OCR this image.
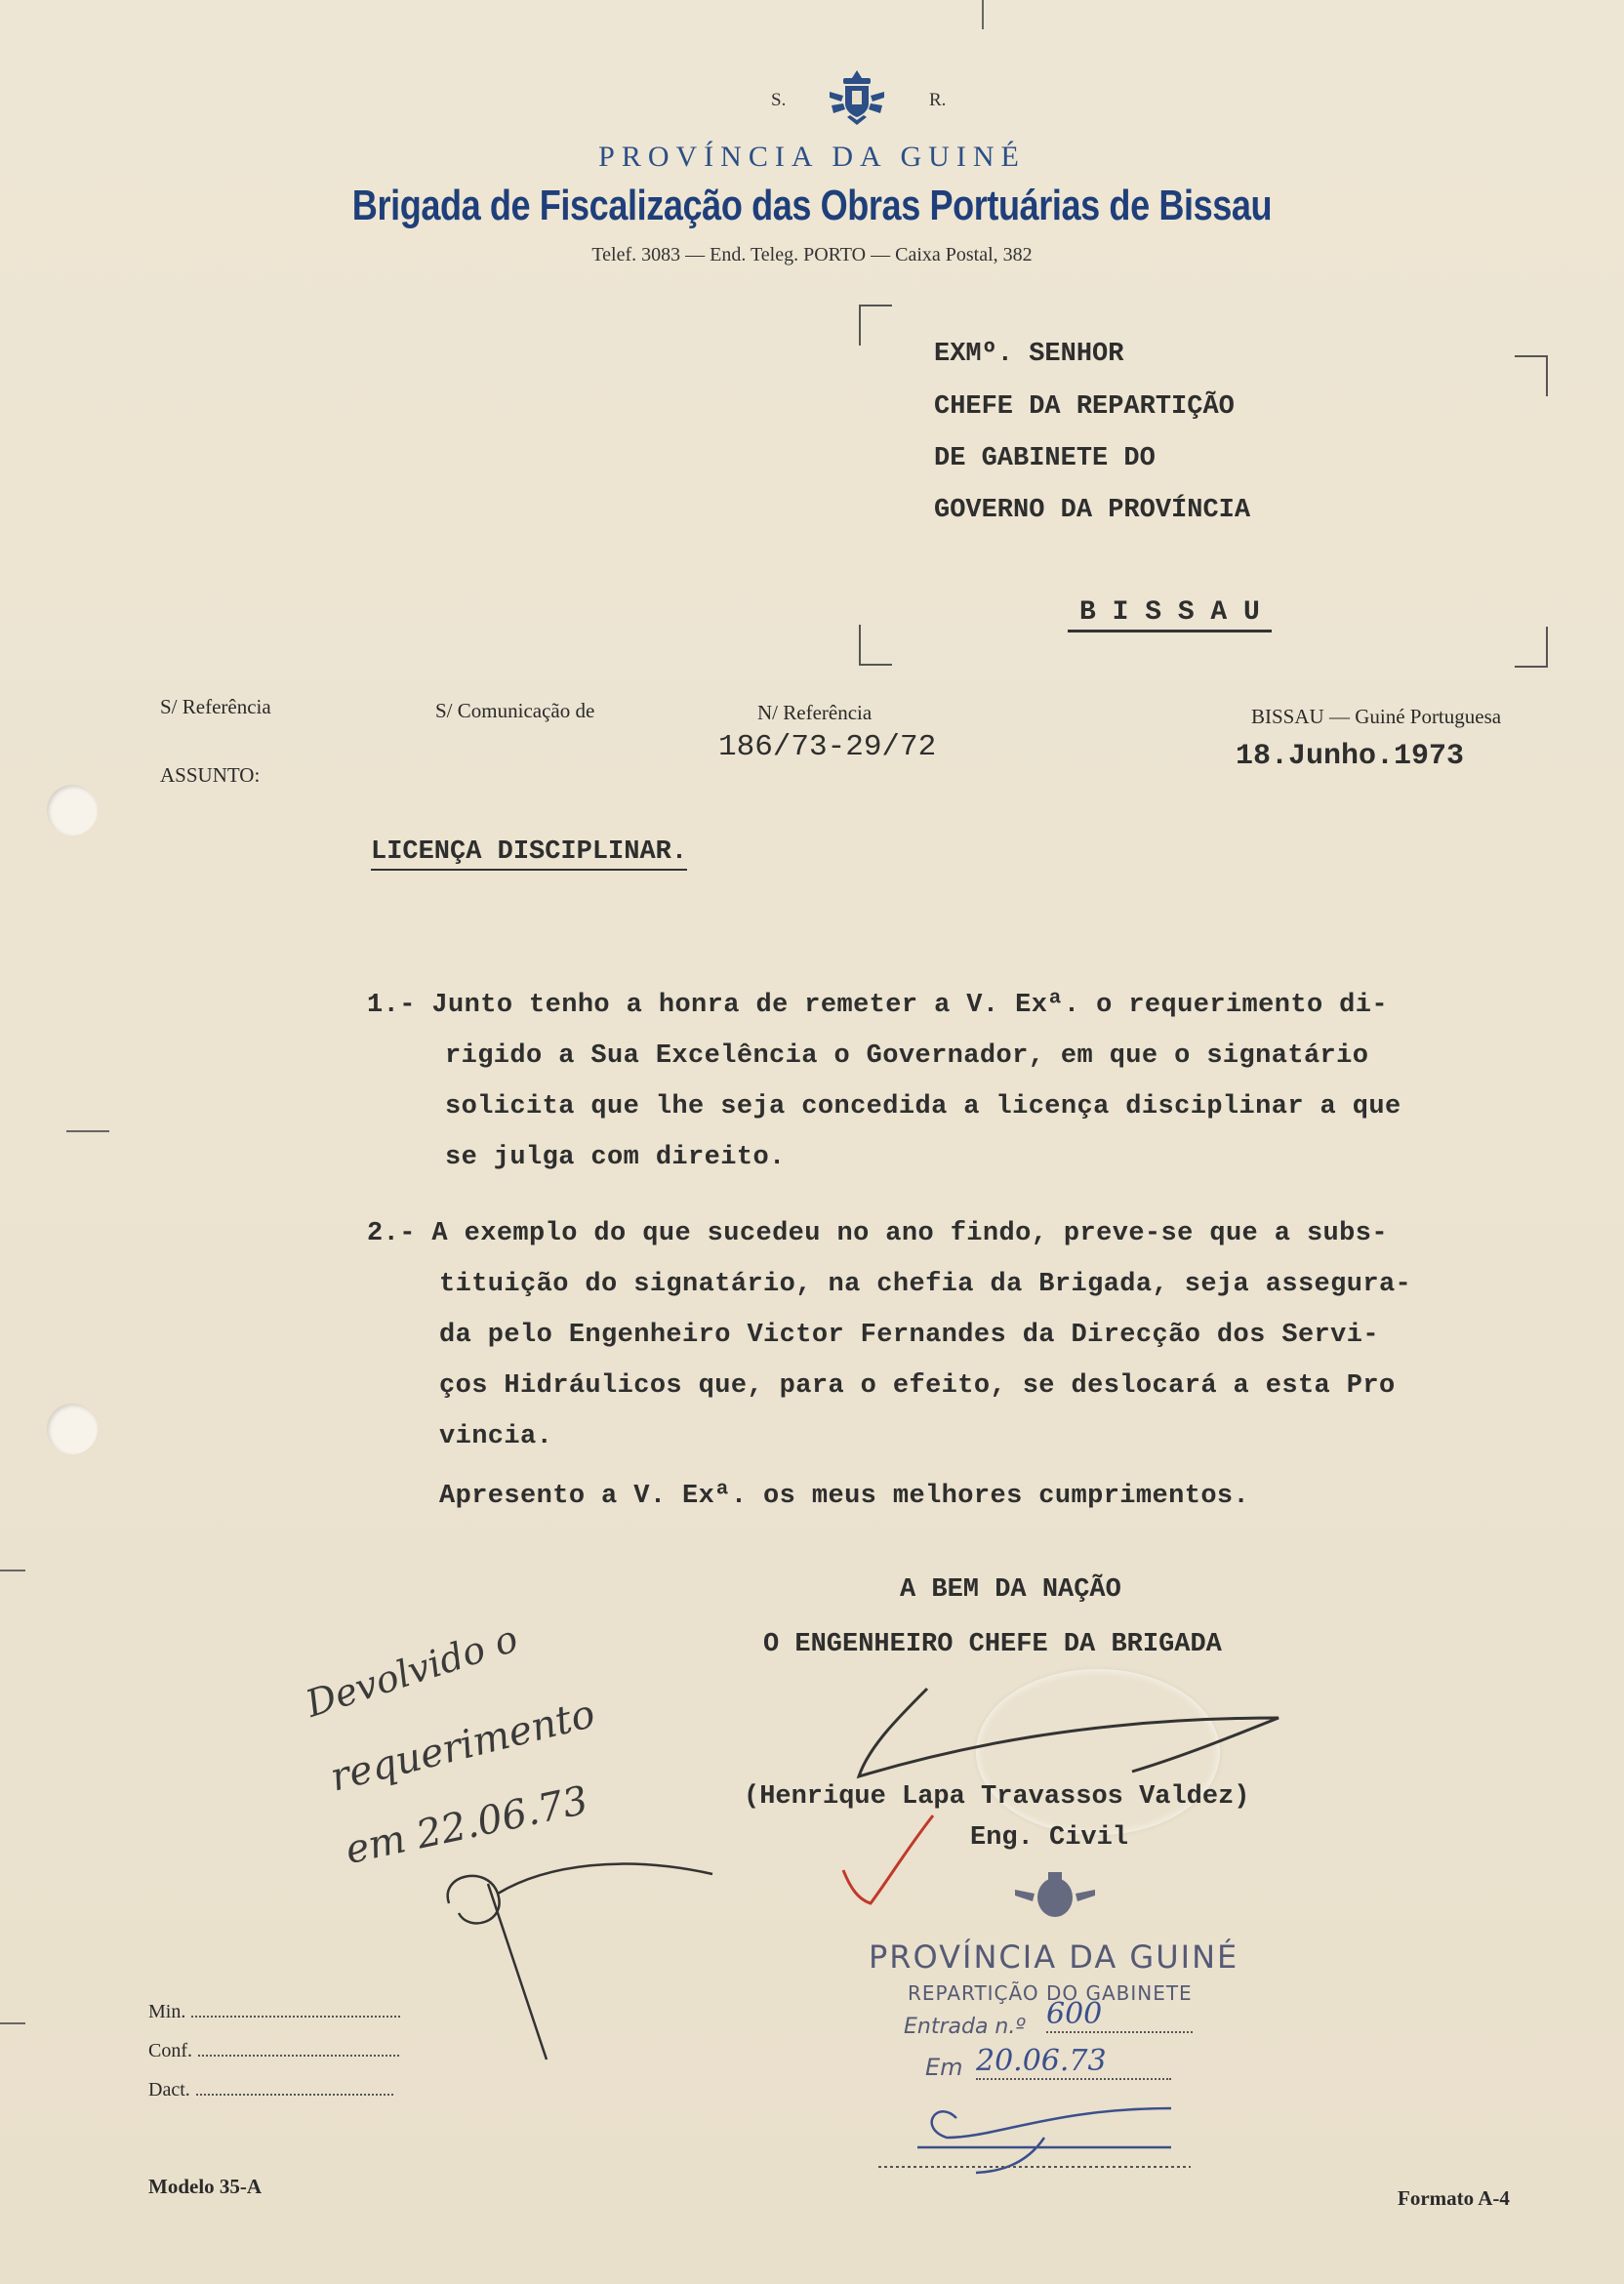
S.	R.
PROVÍNCIA DA GUINÉ
Brigada de Fiscalização das Obras Portuárias de Bissau
Telef. 3083 — End. Teleg. PORTO — Caixa Postal, 382
EXMº. SENHOR
CHEFE DA REPARTIÇÃO
DE GABINETE DO
GOVERNO DA PROVÍNCIA
B I S S A U
S/ Referência	S/ Comunicação de	N/ Referência
186/73-29/72
BISSAU — Guiné Portuguesa
18.Junho.1973
ASSUNTO:
LICENÇA DISCIPLINAR.
1.- Junto tenho a honra de remeter a V. Exª. o requerimento di-
rigido a Sua Excelência o Governador, em que o signatário
solicita que lhe seja concedida a licença disciplinar a que
se julga com direito.
2.- A exemplo do que sucedeu no ano findo, preve-se que a subs-
tituição do signatário, na chefia da Brigada, seja assegura-
da pelo Engenheiro Victor Fernandes da Direcção dos Servi-
ços Hidráulicos que, para o efeito, se deslocará a esta Pro
vincia.
Apresento a V. Exª. os meus melhores cumprimentos.
A BEM DA NAÇÃO
O ENGENHEIRO CHEFE DA BRIGADA
(Henrique Lapa Travassos Valdez)
Eng. Civil
Devolvido o
requerimento
em 22.06.73
PROVÍNCIA DA GUINÉ
REPARTIÇÃO DO GABINETE
Entrada n.º 600
Em 20.06.73
Min.
Conf.
Dact.
Modelo 35-A	Formato A-4
